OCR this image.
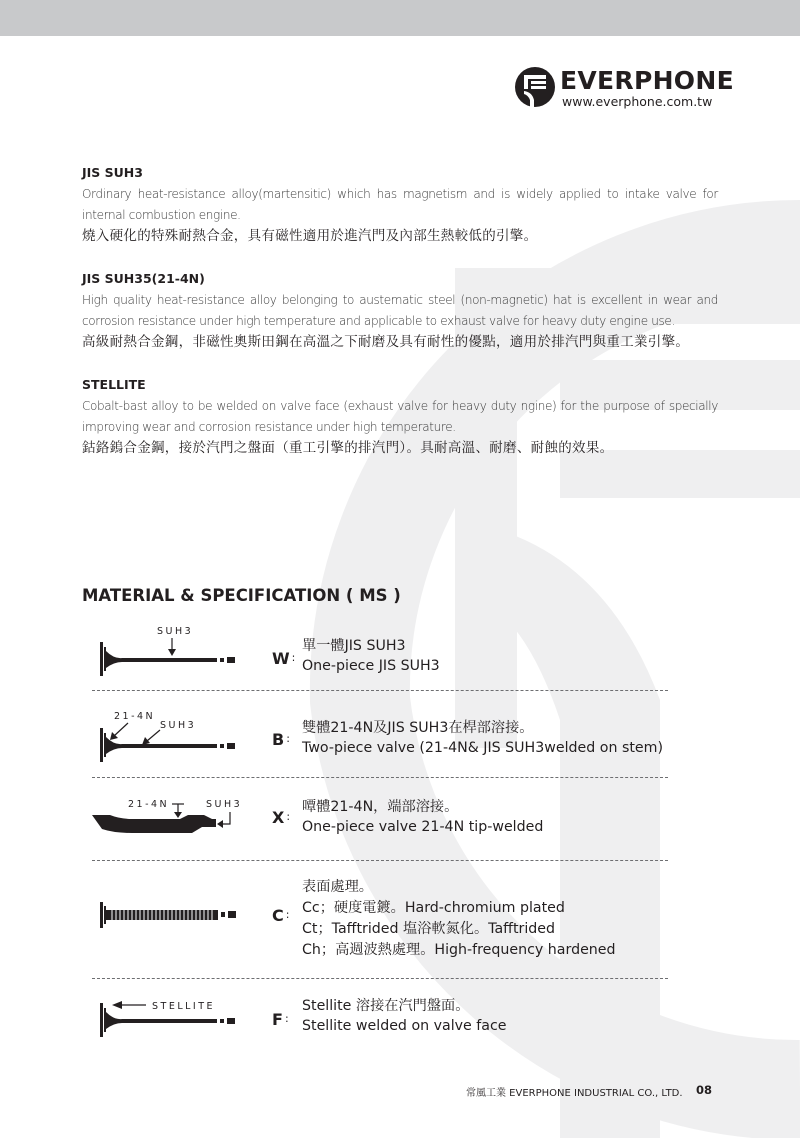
EVERPHONE
www.everphone.com.tw
JIS SUH3
Ordinary heat-resistance alloy(martensitic) which has magnetism and is widely applied to intake valve for internal combustion engine.
燒入硬化的特殊耐熱合金，具有磁性適用於進汽門及內部生熱較低的引擎。
JIS SUH35(21-4N)
High quality heat-resistance alloy belonging to austematic steel (non-magnetic) hat is excellent in wear and corrosion resistance under high temperature and applicable to exhaust valve for heavy duty engine use.
高級耐熱合金鋼，非磁性奧斯田鋼在高溫之下耐磨及具有耐性的優點，適用於排汽門與重工業引擎。
STELLITE
Cobalt-bast alloy to be welded on valve face (exhaust valve for heavy duty ngine) for the purpose of specially improving wear and corrosion resistance under high temperature.
鈷鉻鎢合金鋼，接於汽門之盤面（重工引擎的排汽門）。具耐高溫、耐磨、耐蝕的效果。
MATERIAL & SPECIFICATION ( MS )
SUH3
W :
單一體JIS SUH3
One-piece JIS SUH3
21-4N
SUH3
B :
雙體21-4N及JIS SUH3在桿部溶接。
Two-piece valve (21-4N& JIS SUH3welded on stem)
21-4N	SUH3
X :
嘾體21-4N，端部溶接。
One-piece valve 21-4N tip-welded
C :
表面處理。
Cc；硬度電鍍。Hard-chromium plated
Ct；Tafftrided 塩浴軟氮化。Tafftrided
Ch；高週波熱處理。High-frequency hardened
STELLITE
F :
Stellite 溶接在汽門盤面。
Stellite welded on valve face
常風工業 EVERPHONE INDUSTRIAL CO., LTD. 08
